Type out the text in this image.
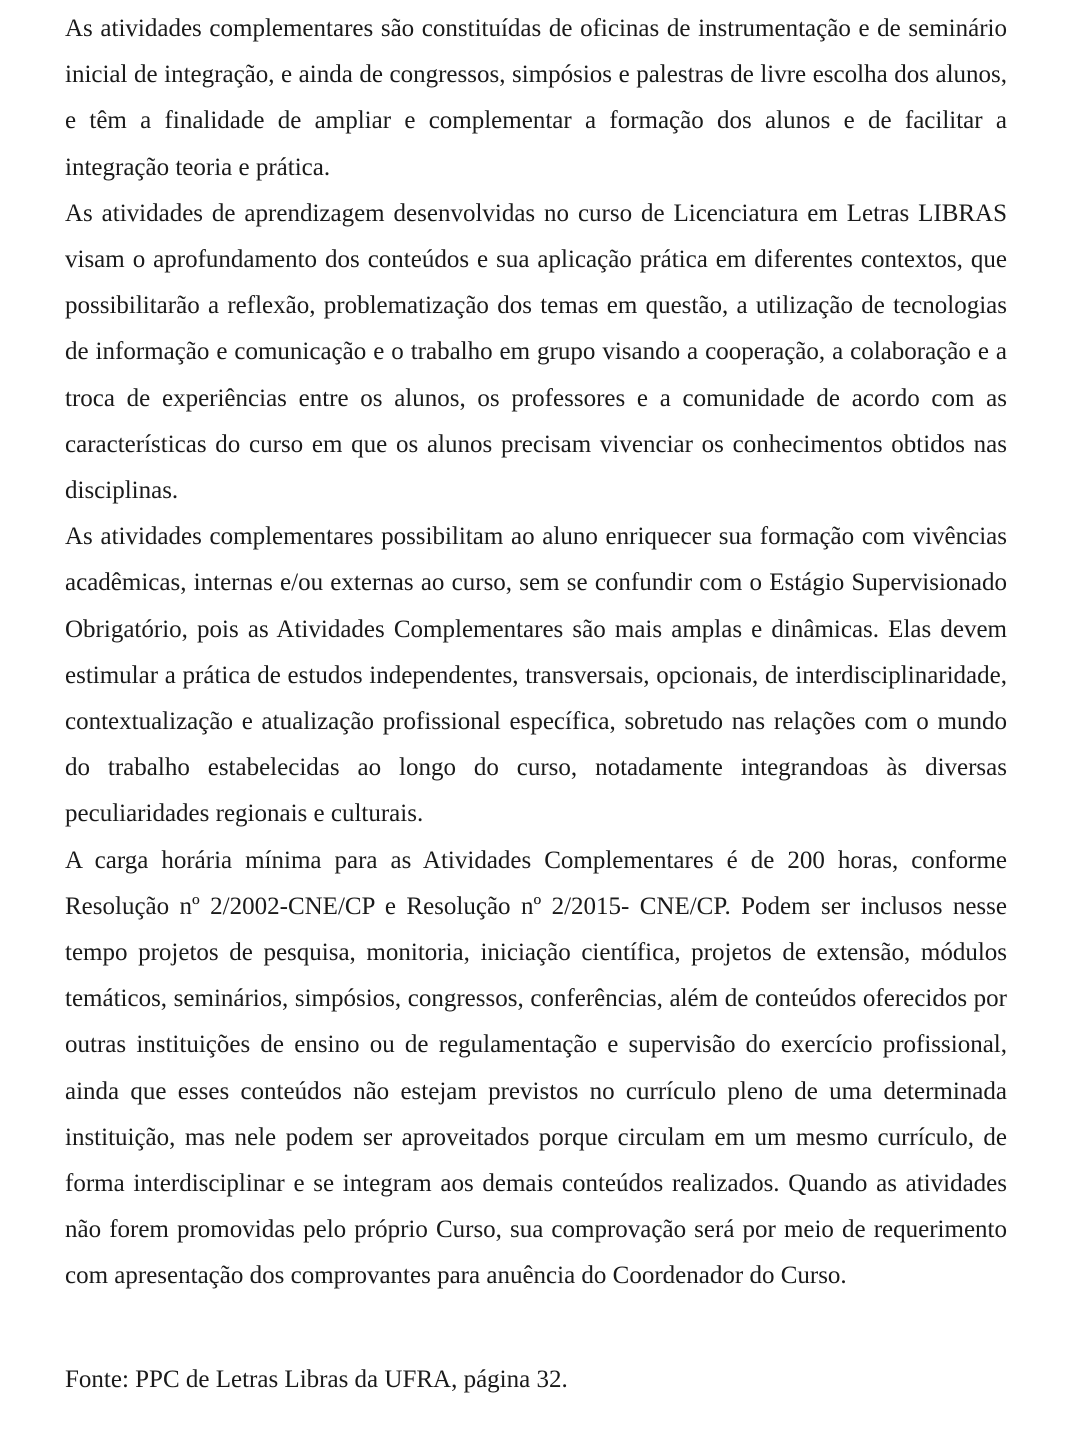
As atividades complementares são constituídas de oficinas de instrumentação e de seminário inicial de integração, e ainda de congressos, simpósios e palestras de livre escolha dos alunos, e têm a finalidade de ampliar e complementar a formação dos alunos e de facilitar a integração teoria e prática.

As atividades de aprendizagem desenvolvidas no curso de Licenciatura em Letras LIBRAS visam o aprofundamento dos conteúdos e sua aplicação prática em diferentes contextos, que possibilitarão a reflexão, problematização dos temas em questão, a utilização de tecnologias de informação e comunicação e o trabalho em grupo visando a cooperação, a colaboração e a troca de experiências entre os alunos, os professores e a comunidade de acordo com as características do curso em que os alunos precisam vivenciar os conhecimentos obtidos nas disciplinas.

As atividades complementares possibilitam ao aluno enriquecer sua formação com vivências acadêmicas, internas e/ou externas ao curso, sem se confundir com o Estágio Supervisionado Obrigatório, pois as Atividades Complementares são mais amplas e dinâmicas. Elas devem estimular a prática de estudos independentes, transversais, opcionais, de interdisciplinaridade, contextualização e atualização profissional específica, sobretudo nas relações com o mundo do trabalho estabelecidas ao longo do curso, notadamente integrandoas às diversas peculiaridades regionais e culturais.

A carga horária mínima para as Atividades Complementares é de 200 horas, conforme Resolução nº 2/2002-CNE/CP e Resolução nº 2/2015- CNE/CP. Podem ser inclusos nesse tempo projetos de pesquisa, monitoria, iniciação científica, projetos de extensão, módulos temáticos, seminários, simpósios, congressos, conferências, além de conteúdos oferecidos por outras instituições de ensino ou de regulamentação e supervisão do exercício profissional, ainda que esses conteúdos não estejam previstos no currículo pleno de uma determinada instituição, mas nele podem ser aproveitados porque circulam em um mesmo currículo, de forma interdisciplinar e se integram aos demais conteúdos realizados. Quando as atividades não forem promovidas pelo próprio Curso, sua comprovação será por meio de requerimento com apresentação dos comprovantes para anuência do Coordenador do Curso.

Fonte: PPC de Letras Libras da UFRA, página 32.
